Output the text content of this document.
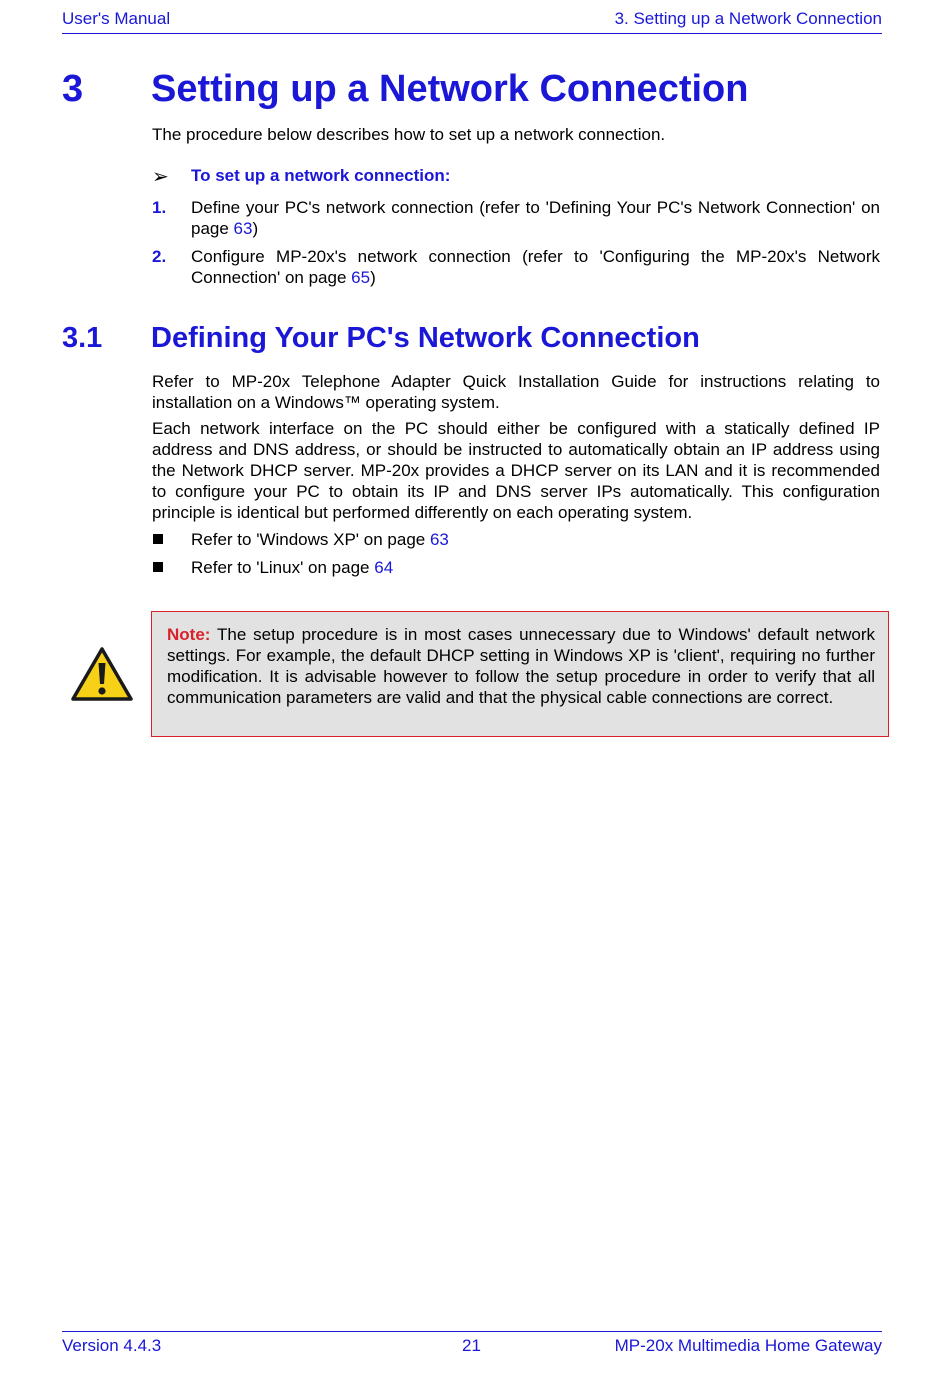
User's Manual	3. Setting up a Network Connection
3 Setting up a Network Connection
The procedure below describes how to set up a network connection.
➢ To set up a network connection:
1. Define your PC's network connection (refer to 'Defining Your PC's Network Connection' on page 63)
2. Configure MP-20x's network connection (refer to 'Configuring the MP-20x's Network Connection' on page 65)
3.1 Defining Your PC's Network Connection
Refer to MP-20x Telephone Adapter Quick Installation Guide for instructions relating to installation on a Windows™ operating system.
Each network interface on the PC should either be configured with a statically defined IP address and DNS address, or should be instructed to automatically obtain an IP address using the Network DHCP server. MP-20x provides a DHCP server on its LAN and it is recommended to configure your PC to obtain its IP and DNS server IPs automatically. This configuration principle is identical but performed differently on each operating system.
Refer to 'Windows XP' on page 63
Refer to 'Linux' on page 64
Note: The setup procedure is in most cases unnecessary due to Windows' default network settings. For example, the default DHCP setting in Windows XP is 'client', requiring no further modification. It is advisable however to follow the setup procedure in order to verify that all communication parameters are valid and that the physical cable connections are correct.
Version 4.4.3	21	MP-20x Multimedia Home Gateway
